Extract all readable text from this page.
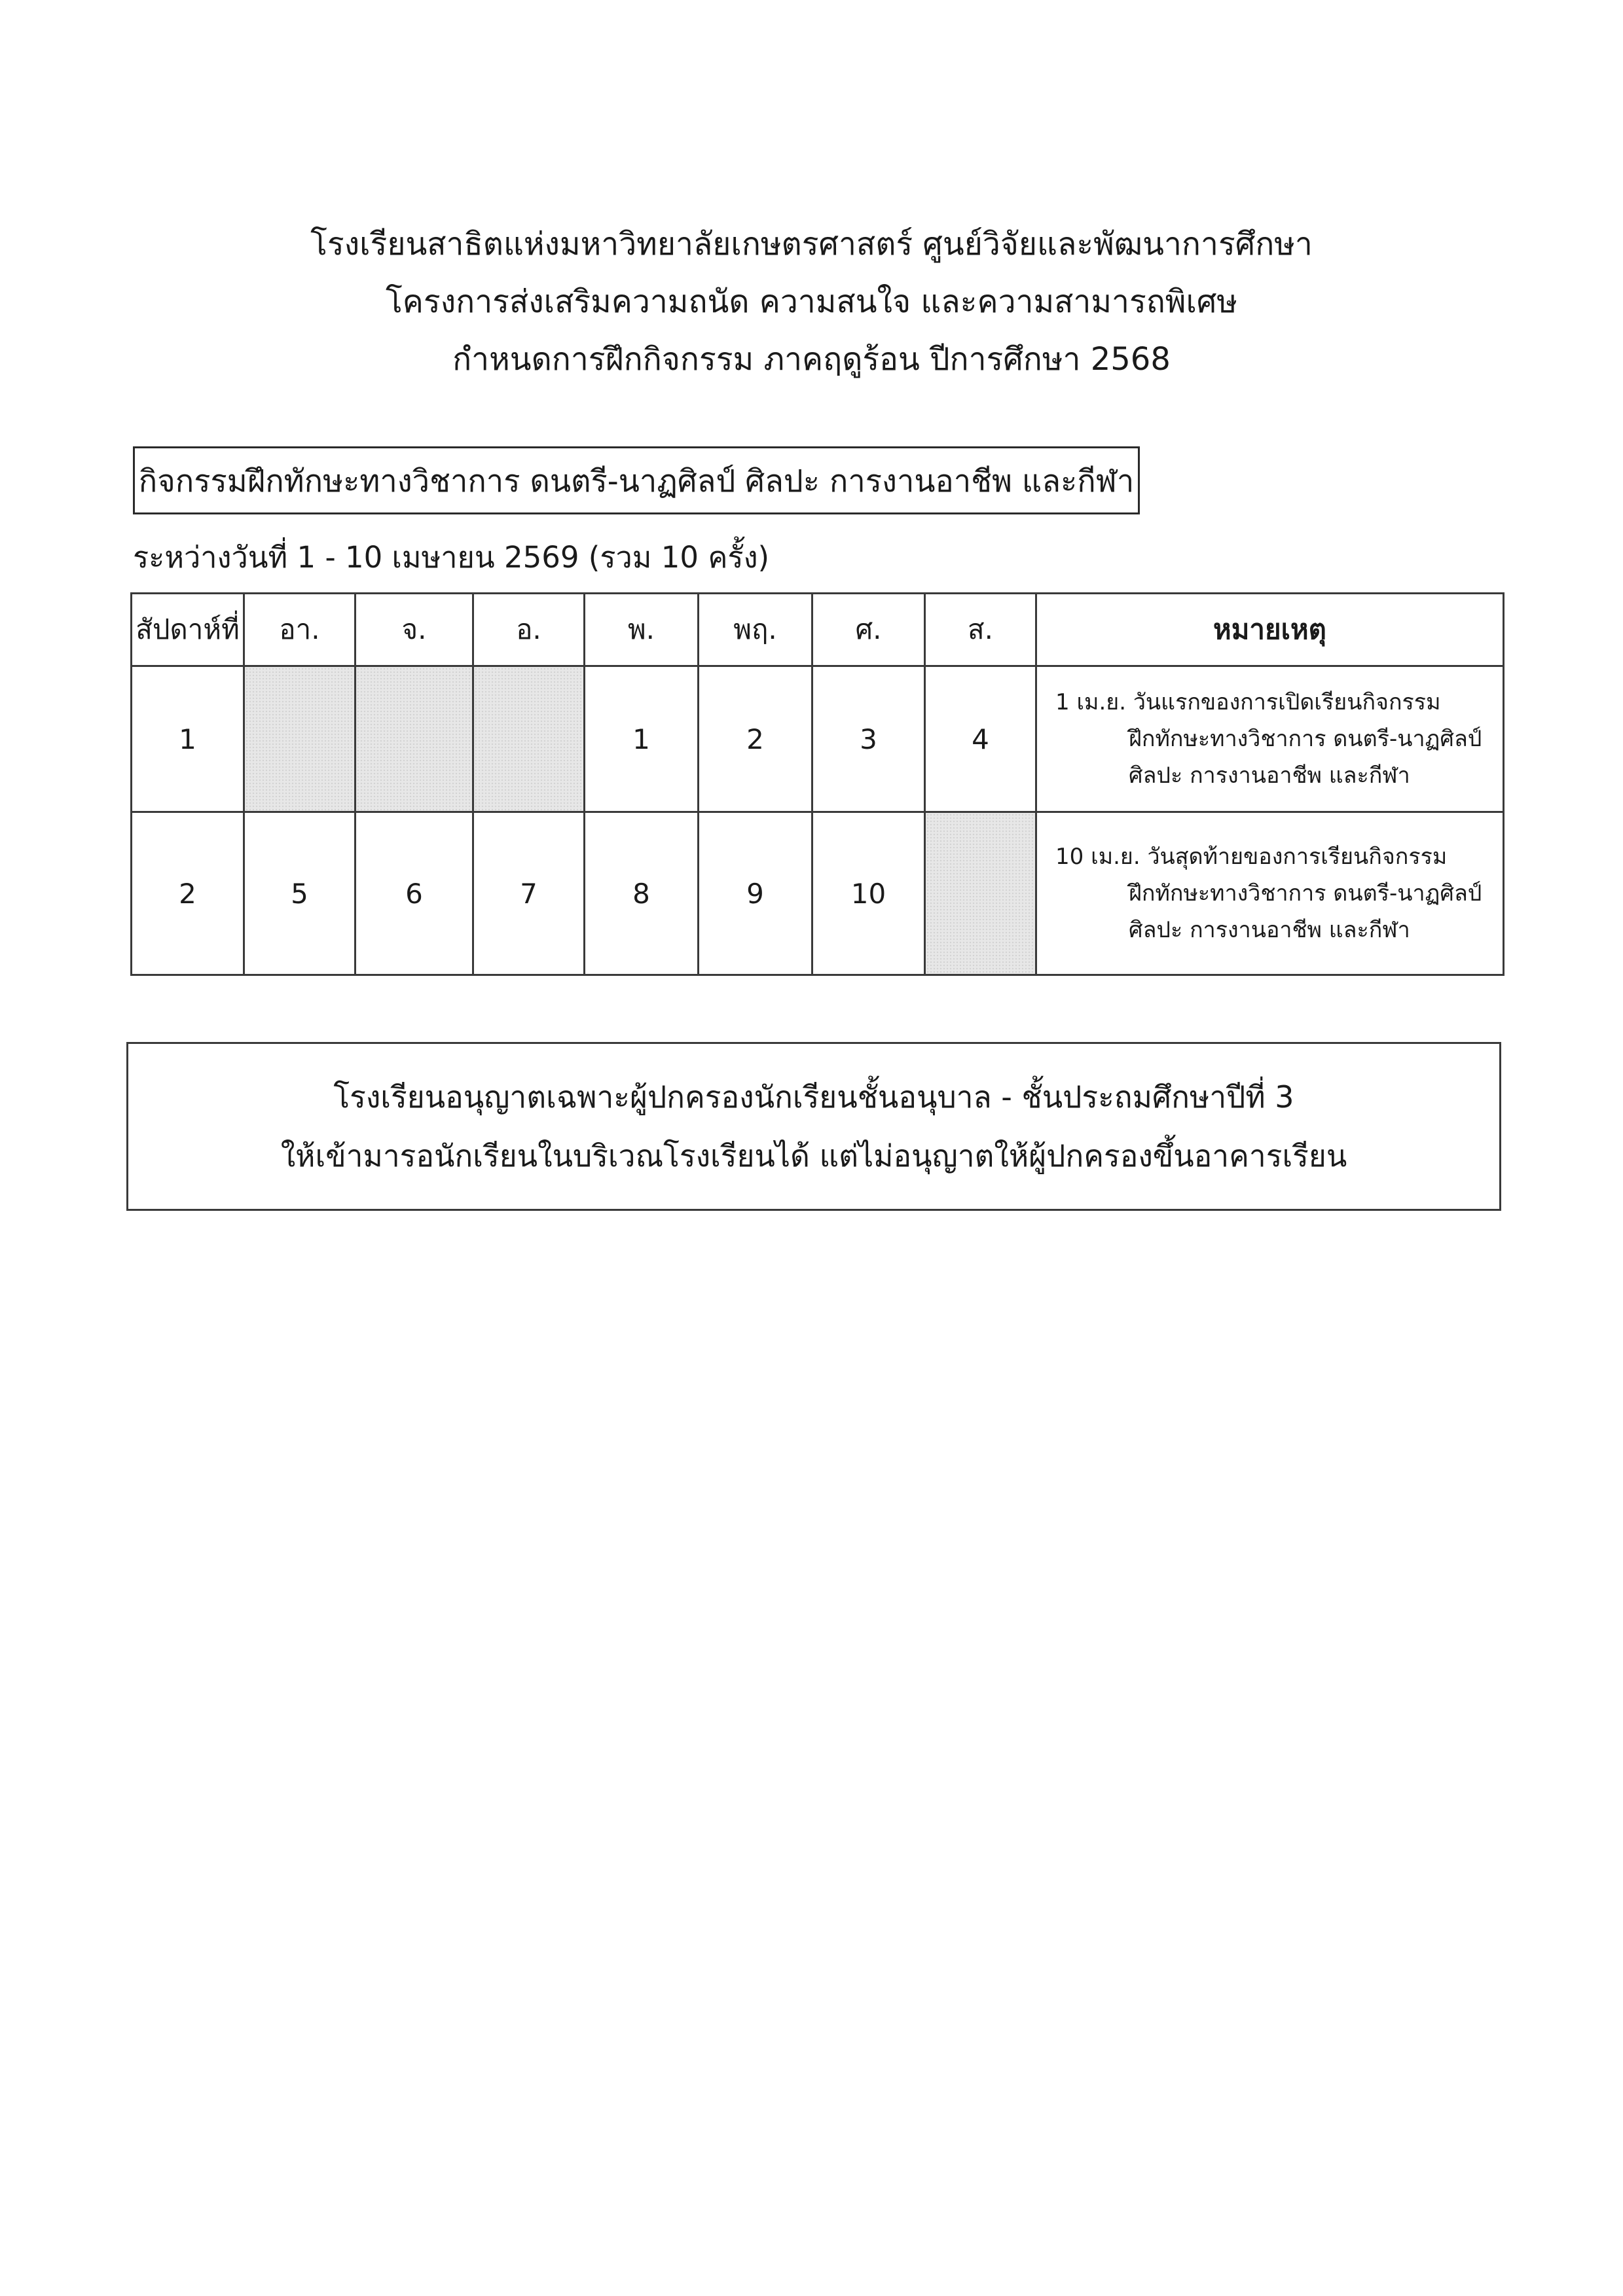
โรงเรียนสาธิตแห่งมหาวิทยาลัยเกษตรศาสตร์ ศูนย์วิจัยและพัฒนาการศึกษา
โครงการส่งเสริมความถนัด ความสนใจ และความสามารถพิเศษ
กำหนดการฝึกกิจกรรม ภาคฤดูร้อน ปีการศึกษา 2568
กิจกรรมฝึกทักษะทางวิชาการ ดนตรี-นาฏศิลป์ ศิลปะ การงานอาชีพ และกีฬา
ระหว่างวันที่ 1 - 10 เมษายน 2569 (รวม 10 ครั้ง)
สัปดาห์ที่	อา.	จ.	อ.	พ.	พฤ.	ศ.	ส.	หมายเหตุ
1				1	2	3	4	1 เม.ย. วันแรกของการเปิดเรียนกิจกรรม
ฝึกทักษะทางวิชาการ ดนตรี-นาฏศิลป์
ศิลปะ การงานอาชีพ และกีฬา

2	5	6	7	8	9	10		10 เม.ย. วันสุดท้ายของการเรียนกิจกรรม
ฝึกทักษะทางวิชาการ ดนตรี-นาฏศิลป์
ศิลปะ การงานอาชีพ และกีฬา
โรงเรียนอนุญาตเฉพาะผู้ปกครองนักเรียนชั้นอนุบาล - ชั้นประถมศึกษาปีที่ 3
ให้เข้ามารอนักเรียนในบริเวณโรงเรียนได้ แต่ไม่อนุญาตให้ผู้ปกครองขึ้นอาคารเรียน
